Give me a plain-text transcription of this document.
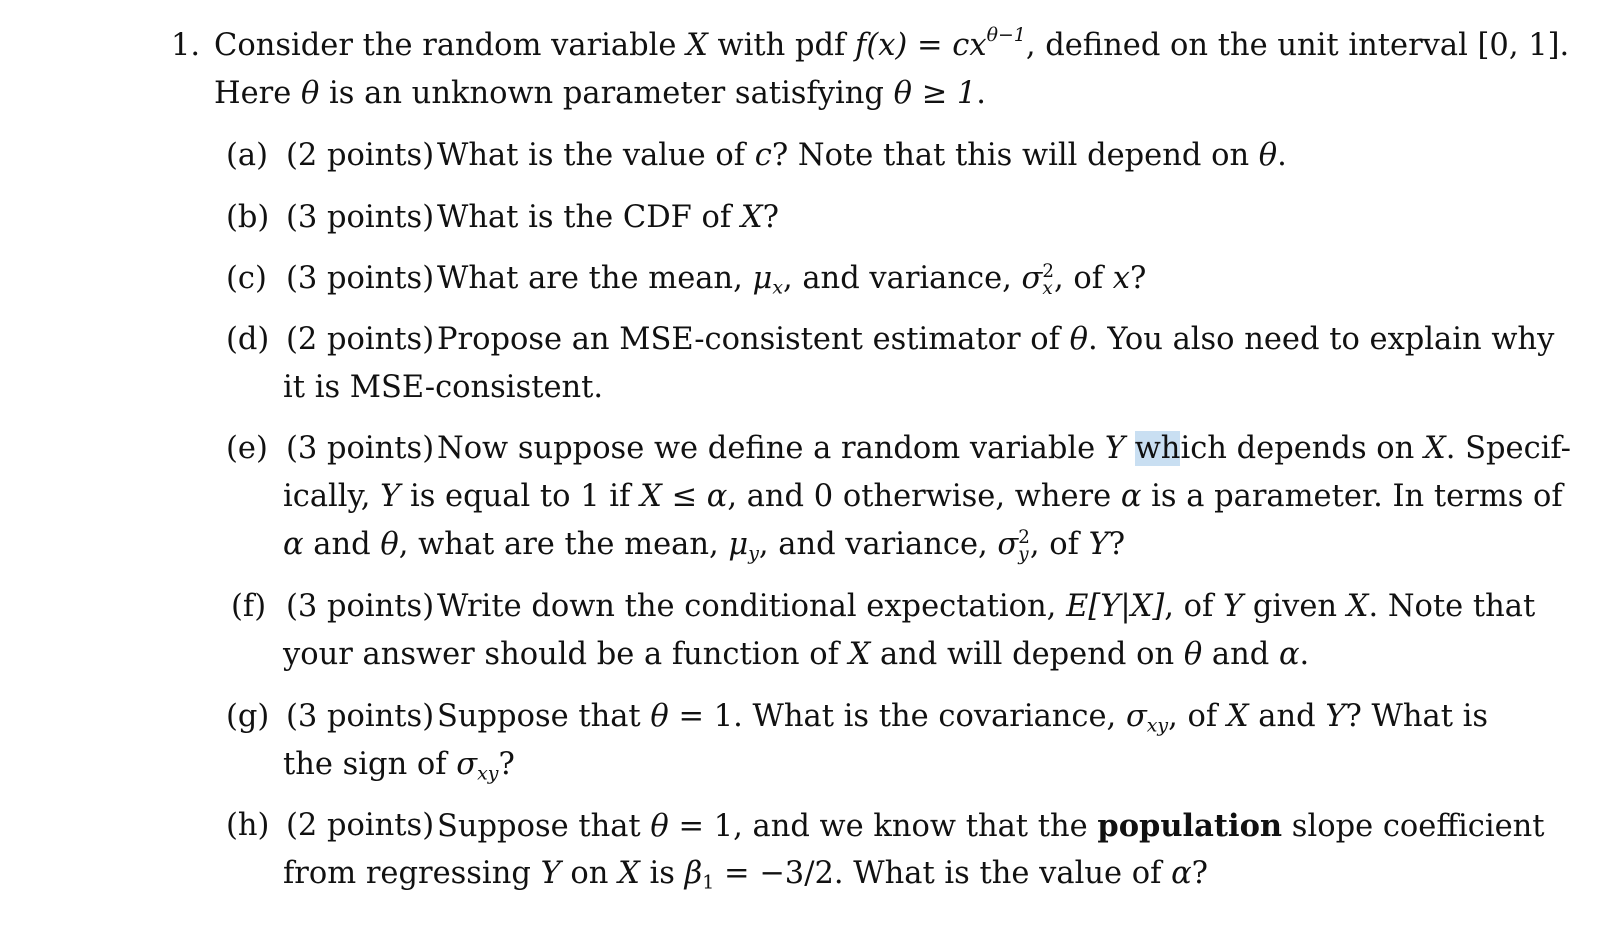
1. Consider the random variable X with pdf $f(x) = cx^{\theta-1}$, defined on the unit interval [0, 1].
Here θ is an unknown parameter satisfying θ ≥ 1.
(a) (2 points) What is the value of c? Note that this will depend on θ.
(b) (3 points) What is the CDF of X?
(c) (3 points) What are the mean, $\mu_x$, and variance, σ 2
x , of x?
(d) (2 points) Propose an MSE-consistent estimator of θ. You also need to explain why
it is MSE-consistent.
(e) (3 points) Now suppose we define a random variable Y which depends on X. Specif-
ically, Y is equal to 1 if X ≤ α, and 0 otherwise, where α is a parameter. In terms of
α and θ, what are the mean, $\mu_y$, and variance, σ 2
y , of Y?
(f) (3 points) Write down the conditional expectation, E[Y|X], of Y given X. Note that
your answer should be a function of X and will depend on θ and α.
(g) (3 points) Suppose that θ = 1. What is the covariance, $\sigma_{xy}$, of X and Y? What is
the sign of $\sigma_{xy}$?
(h) (2 points) Suppose that θ = 1, and we know that the population slope coefficient
from regressing Y on X is $\beta_1 = -3/2$. What is the value of α?
